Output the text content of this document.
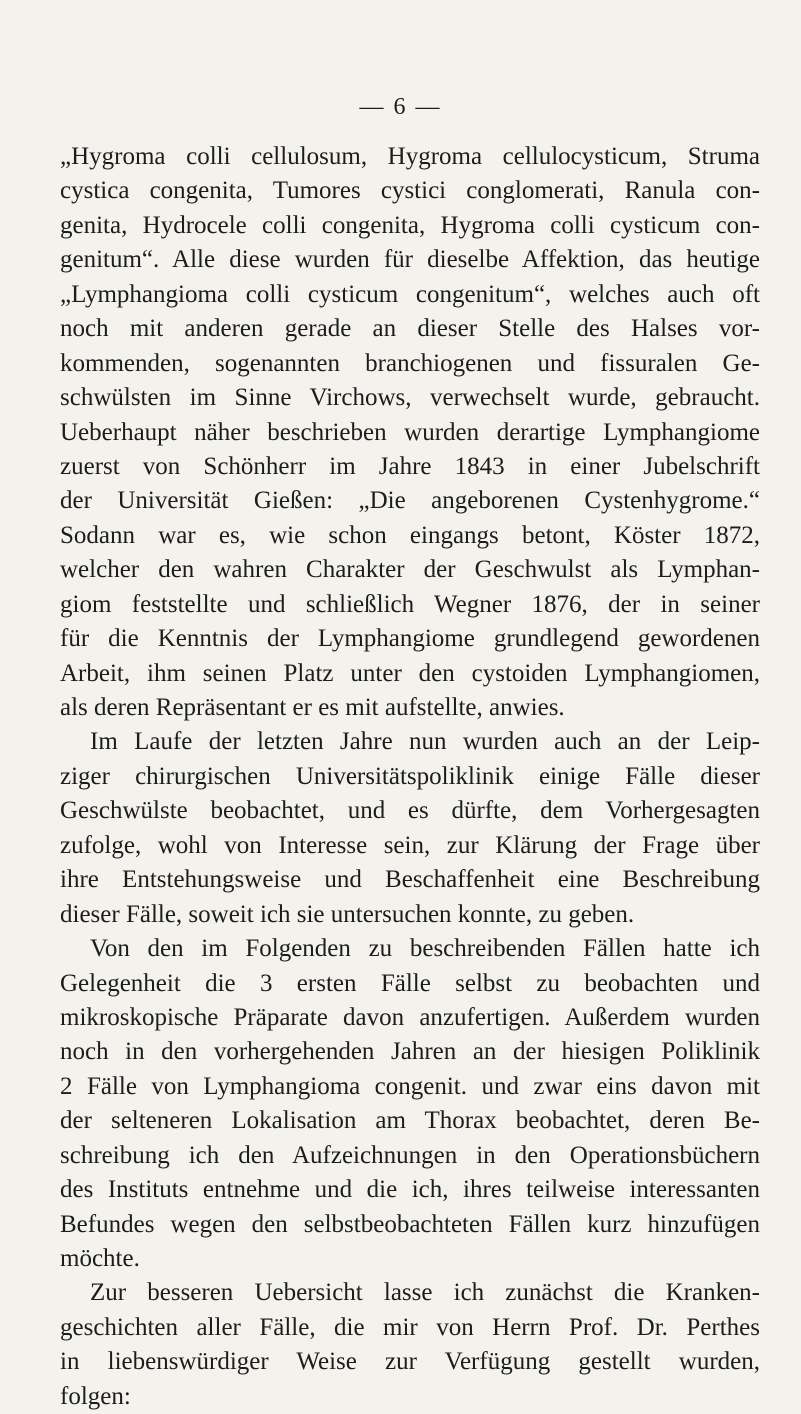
— 6 —
„Hygroma colli cellulosum, Hygroma cellulocysticum, Struma
cystica congenita, Tumores cystici conglomerati, Ranula con-
genita, Hydrocele colli congenita, Hygroma colli cysticum con-
genitum“. Alle diese wurden für dieselbe Affektion, das heutige
„Lymphangioma colli cysticum congenitum“, welches auch oft
noch mit anderen gerade an dieser Stelle des Halses vor-
kommenden, sogenannten branchiogenen und fissuralen Ge-
schwülsten im Sinne Virchows, verwechselt wurde, gebraucht.
Ueberhaupt näher beschrieben wurden derartige Lymphangiome
zuerst von Schönherr im Jahre 1843 in einer Jubelschrift
der Universität Gießen: „Die angeborenen Cystenhygrome.“
Sodann war es, wie schon eingangs betont, Köster 1872,
welcher den wahren Charakter der Geschwulst als Lymphan-
giom feststellte und schließlich Wegner 1876, der in seiner
für die Kenntnis der Lymphangiome grundlegend gewordenen
Arbeit, ihm seinen Platz unter den cystoiden Lymphangiomen,
als deren Repräsentant er es mit aufstellte, anwies.
Im Laufe der letzten Jahre nun wurden auch an der Leip-
ziger chirurgischen Universitätspoliklinik einige Fälle dieser
Geschwülste beobachtet, und es dürfte, dem Vorhergesagten
zufolge, wohl von Interesse sein, zur Klärung der Frage über
ihre Entstehungsweise und Beschaffenheit eine Beschreibung
dieser Fälle, soweit ich sie untersuchen konnte, zu geben.
Von den im Folgenden zu beschreibenden Fällen hatte ich
Gelegenheit die 3 ersten Fälle selbst zu beobachten und
mikroskopische Präparate davon anzufertigen. Außerdem wurden
noch in den vorhergehenden Jahren an der hiesigen Poliklinik
2 Fälle von Lymphangioma congenit. und zwar eins davon mit
der selteneren Lokalisation am Thorax beobachtet, deren Be-
schreibung ich den Aufzeichnungen in den Operationsbüchern
des Instituts entnehme und die ich, ihres teilweise interessanten
Befundes wegen den selbstbeobachteten Fällen kurz hinzufügen
möchte.
Zur besseren Uebersicht lasse ich zunächst die Kranken-
geschichten aller Fälle, die mir von Herrn Prof. Dr. Perthes
in liebenswürdiger Weise zur Verfügung gestellt wurden,
folgen:
